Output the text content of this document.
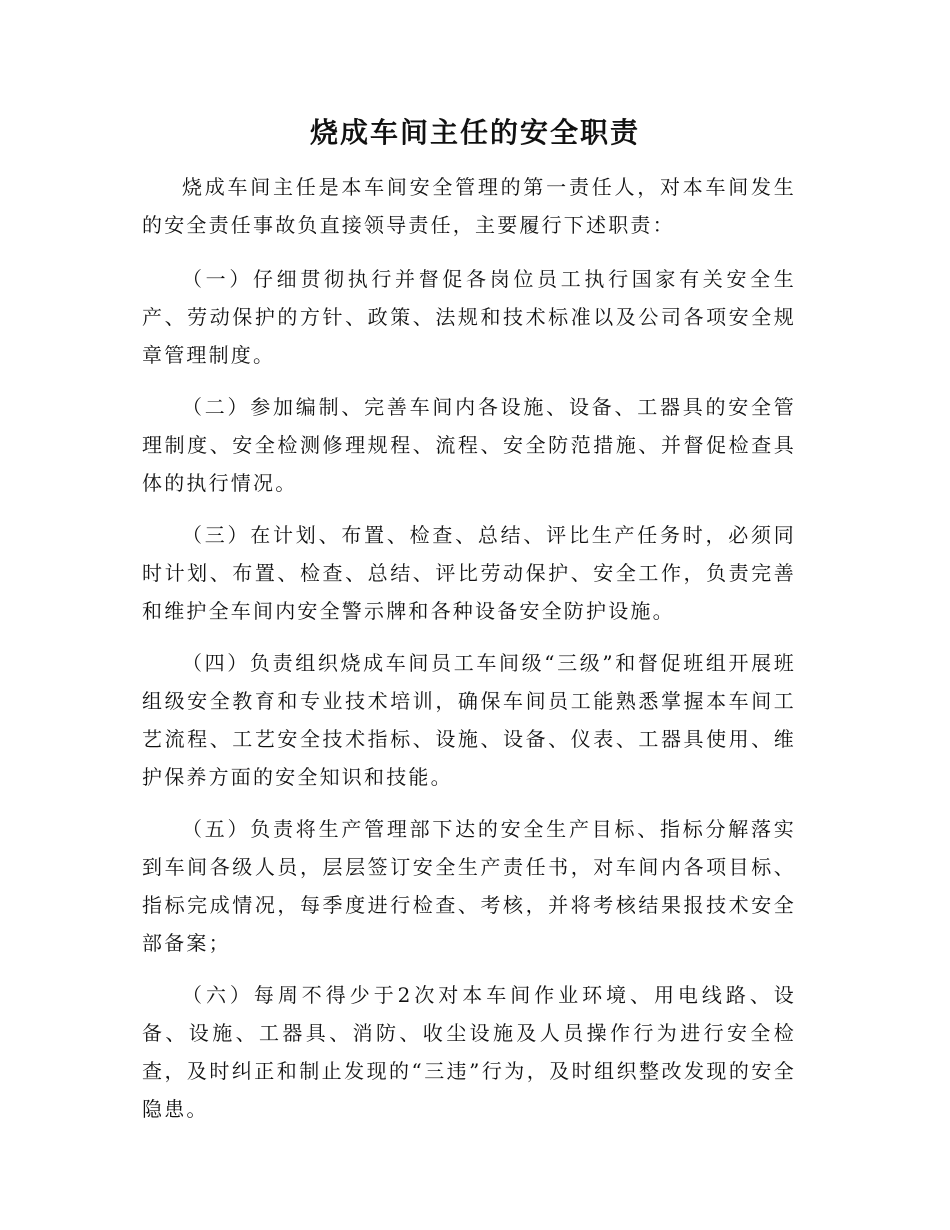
烧成车间主任的安全职责

烧成车间主任是本车间安全管理的第一责任人，对本车间发生的安全责任事故负直接领导责任，主要履行下述职责：

（一）仔细贯彻执行并督促各岗位员工执行国家有关安全生产、劳动保护的方针、政策、法规和技术标准以及公司各项安全规章管理制度。

（二）参加编制、完善车间内各设施、设备、工器具的安全管理制度、安全检测修理规程、流程、安全防范措施、并督促检查具体的执行情况。

（三）在计划、布置、检查、总结、评比生产任务时，必须同时计划、布置、检查、总结、评比劳动保护、安全工作，负责完善和维护全车间内安全警示牌和各种设备安全防护设施。

（四）负责组织烧成车间员工车间级“三级”和督促班组开展班组级安全教育和专业技术培训，确保车间员工能熟悉掌握本车间工艺流程、工艺安全技术指标、设施、设备、仪表、工器具使用、维护保养方面的安全知识和技能。

（五）负责将生产管理部下达的安全生产目标、指标分解落实到车间各级人员，层层签订安全生产责任书，对车间内各项目标、指标完成情况，每季度进行检查、考核，并将考核结果报技术安全部备案；

（六）每周不得少于2次对本车间作业环境、用电线路、设备、设施、工器具、消防、收尘设施及人员操作行为进行安全检查，及时纠正和制止发现的“三违”行为，及时组织整改发现的安全隐患。
